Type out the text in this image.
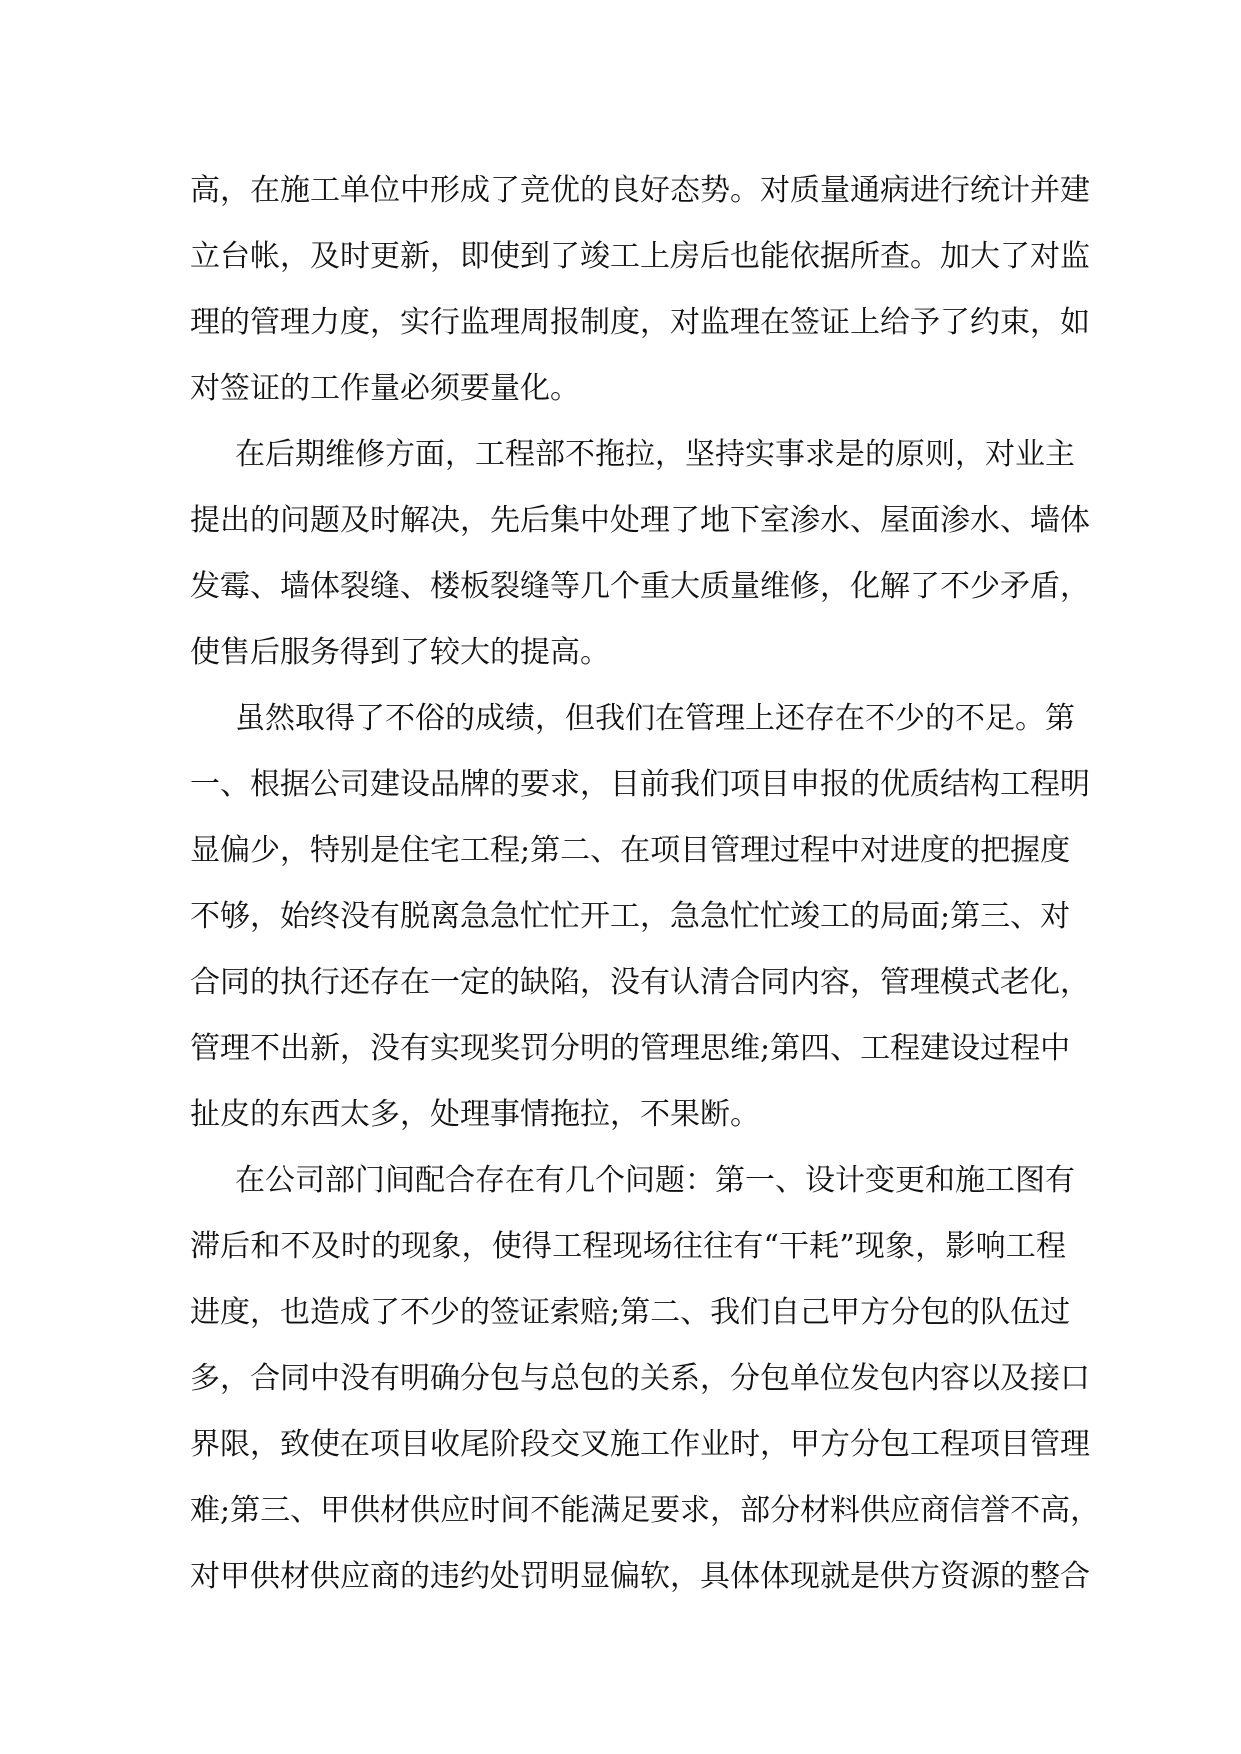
高，在施工单位中形成了竞优的良好态势。对质量通病进行统计并建
立台帐，及时更新，即使到了竣工上房后也能依据所查。加大了对监
理的管理力度，实行监理周报制度，对监理在签证上给予了约束，如
对签证的工作量必须要量化。
在后期维修方面，工程部不拖拉，坚持实事求是的原则，对业主
提出的问题及时解决，先后集中处理了地下室渗水、屋面渗水、墙体
发霉、墙体裂缝、楼板裂缝等几个重大质量维修，化解了不少矛盾，
使售后服务得到了较大的提高。
虽然取得了不俗的成绩，但我们在管理上还存在不少的不足。第
一、根据公司建设品牌的要求，目前我们项目申报的优质结构工程明
显偏少，特别是住宅工程;第二、在项目管理过程中对进度的把握度
不够，始终没有脱离急急忙忙开工，急急忙忙竣工的局面;第三、对
合同的执行还存在一定的缺陷，没有认清合同内容，管理模式老化，
管理不出新，没有实现奖罚分明的管理思维;第四、工程建设过程中
扯皮的东西太多，处理事情拖拉，不果断。
在公司部门间配合存在有几个问题：第一、设计变更和施工图有
滞后和不及时的现象，使得工程现场往往有“干耗”现象，影响工程
进度，也造成了不少的签证索赔;第二、我们自己甲方分包的队伍过
多，合同中没有明确分包与总包的关系，分包单位发包内容以及接口
界限，致使在项目收尾阶段交叉施工作业时，甲方分包工程项目管理
难;第三、甲供材供应时间不能满足要求，部分材料供应商信誉不高，
对甲供材供应商的违约处罚明显偏软，具体体现就是供方资源的整合
